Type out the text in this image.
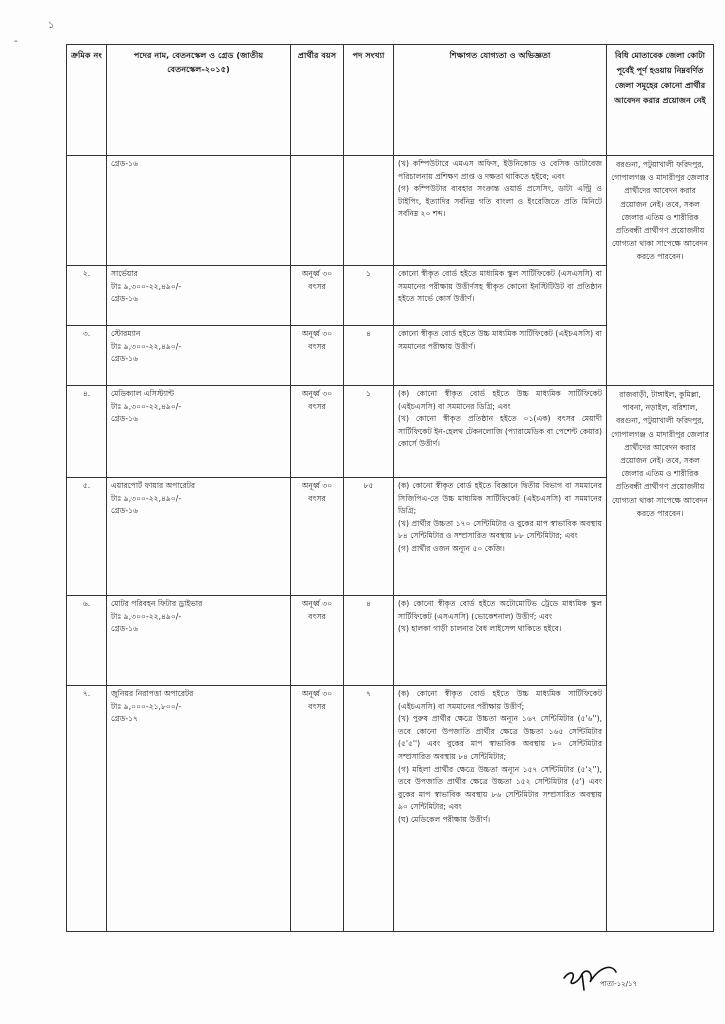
১
-
ক্রমিক নং	পদের নাম, বেতনস্কেল ও গ্রেড (জাতীয় বেতনস্কেল-২০১৫)	প্রার্থীর বয়স	পদ সংখ্যা	শিক্ষাগত যোগ্যতা ও অভিজ্ঞতা	বিধি মোতাবেক জেলা কোটা পূর্বেই পূর্ণ হওয়ায় নিম্নবর্ণিত জেলা সমূহের কোনো প্রার্থীর আবেদন করার প্রয়োজন নেই

	গ্রেড-১৬			(খ) কম্পিউটারে এমএস অফিস, ইউনিকোড ও বেসিক ডাটাবেজ পরিচালনায় প্রশিক্ষণ প্রাপ্ত ও দক্ষতা থাকিতে হইবে; এবং

(গ) কম্পিউটার ব্যবহার সংক্রান্ত ওয়ার্ড প্রসেসিং, ডাটা এন্ট্রি ও টাইপিং, ইত্যাদির সর্বনিম্ন গতি বাংলা ও ইংরেজিতে প্রতি মিনিটে সর্বনিম্ন ২০ শব্দ।	বরগুনা, পটুয়াখালী ফরিদপুর, গোপালগঞ্জ ও মাদারীপুর জেলার প্রার্থীদের আবেদন করার প্রয়োজন নেই। তবে, সকল জেলার এতিম ও শারীরিক প্রতিবন্ধী প্রার্থীগণ প্রয়োজনীয় যোগ্যতা থাকা সাপেক্ষে আবেদন করতে পারবেন।

২.	সার্ভেয়ার
টাঃ ৯,৩০০-২২,৪৯০/-
গ্রেড-১৬	অনূর্ধ্ব ৩০ বৎসর	১	কোনো স্বীকৃত বোর্ড হইতে মাধ্যমিক স্কুল সার্টিফিকেট (এসএসসি) বা সমমানের পরীক্ষায় উত্তীর্ণসহ স্বীকৃত কোনো ইনস্টিটিউট বা প্রতিষ্ঠান হইতে সার্ভে কোর্স উত্তীর্ণ।	

৩.	স্টোরম্যান
টাঃ ৯,৩০০-২২,৪৯০/-
গ্রেড-১৬	অনূর্ধ্ব ৩০ বৎসর	৪	কোনো স্বীকৃত বোর্ড হইতে উচ্চ মাধ্যমিক সার্টিফিকেট (এইচএসসি) বা সমমানের পরীক্ষায় উত্তীর্ণ।	

৪.	মেডিক্যাল এসিস্ট্যান্ট
টাঃ ৯,৩০০-২২,৪৯০/-
গ্রেড-১৬
	অনূর্ধ্ব ৩০ বৎসর	১	(ক) কোনো স্বীকৃত বোর্ড হইতে উচ্চ মাধ্যমিক সার্টিফিকেট (এইচএসসি) বা সমমানের ডিগ্রি; এবং

(খ) কোনো স্বীকৃত প্রতিষ্ঠান হইতে ০১(এক) বৎসর মেয়াদী সার্টিফিকেট ইন-হেলথ টেকনলোজি (প্যারামেডিক বা পেশেন্ট কেয়ার) কোর্সে উত্তীর্ণ।

রাজবাড়ী, টাঙ্গাইল, কুমিল্লা, পাবনা, নড়াইল, বরিশাল, বরগুনা, পটুয়াখালী ফরিদপুর, গোপালগঞ্জ ও মাদারীপুর জেলার প্রার্থীদের আবেদন করার প্রয়োজন নেই। তবে, সকল জেলার এতিম ও শারীরিক প্রতিবন্ধী প্রার্থীগণ প্রয়োজনীয় যোগ্যতা থাকা সাপেক্ষে আবেদন করতে পারবেন।

৫.	এয়ারপোর্ট ফায়ার অপারেটর
টাঃ ৯,৩০০-২২,৪৯০/-
গ্রেড-১৬
	অনূর্ধ্ব ৩০ বৎসর	৮৫	(ক) কোনো স্বীকৃত বোর্ড হইতে বিজ্ঞানে দ্বিতীয় বিভাগ বা সমমানের সিজিপিএ-তে উচ্চ মাধ্যমিক সার্টিফিকেট (এইচএসসি) বা সমমানের ডিগ্রি;

(খ) প্রার্থীর উচ্চতা ১৭০ সেন্টিমিটার ও বুকের মাপ স্বাভাবিক অবস্থায় ৮৪ সেন্টিমিটার ও সম্প্রসারিত অবস্থায় ৮৮ সেন্টিমিটার; এবং

(গ) প্রার্থীর ওজন অন্যূন ৫০ কেজি।

৬.	মোটর পরিবহন ফিটার ড্রাইভার
টাঃ ৯,৩০০-২২,৪৯০/-
গ্রেড-১৬
	অনূর্ধ্ব ৩০ বৎসর	৪	(ক) কোনো স্বীকৃত বোর্ড হইতে অটোমোটিভ ট্রেডে মাধ্যমিক স্কুল সার্টিফিকেট (এসএসসি) (ভোকেশনাল) উত্তীর্ণ; এবং

(খ) হালকা গাড়ী চালনার বৈধ লাইসেন্স থাকিতে হইবে।

৭.	জুনিয়র নিরাপত্তা অপারেটর
টাঃ ৯,০০০-২১,৮০০/-
গ্রেড-১৭
	অনূর্ধ্ব ৩০ বৎসর	৭	(ক) কোনো স্বীকৃত বোর্ড হইতে উচ্চ মাধ্যমিক সার্টিফিকেট (এইচএসসি) বা সমমানের পরীক্ষায় উত্তীর্ণ;

(খ) পুরুষ প্রার্থীর ক্ষেত্রে উচ্চতা অন্যূন ১৬৭ সেন্টিমিটার (৫'৬''), তবে কোনো উপজাতি প্রার্থীর ক্ষেত্রে উচ্চতা ১৬৫ সেন্টিমিটার (৫'৫'') এবং বুকের মাপ স্বাভাবিক অবস্থায় ৮০ সেন্টিমিটার সম্প্রসারিত অবস্থায় ৮৪ সেন্টিমিটার;

(গ) মহিলা প্রার্থীর ক্ষেত্রে উচ্চতা অন্যূন ১৫৭ সেন্টিমিটার (৫'২''), তবে উপজাতি প্রার্থীর ক্ষেত্রে উচ্চতা ১৫২ সেন্টিমিটার (৫') এবং বুকের মাপ স্বাভাবিক অবস্থায় ৮৬ সেন্টিমিটার সম্প্রসারিত অবস্থায় ৯০ সেন্টিমিটার; এবং

(ঘ) মেডিকেল পরীক্ষায় উত্তীর্ণ।

পাতা-১২/১৭
